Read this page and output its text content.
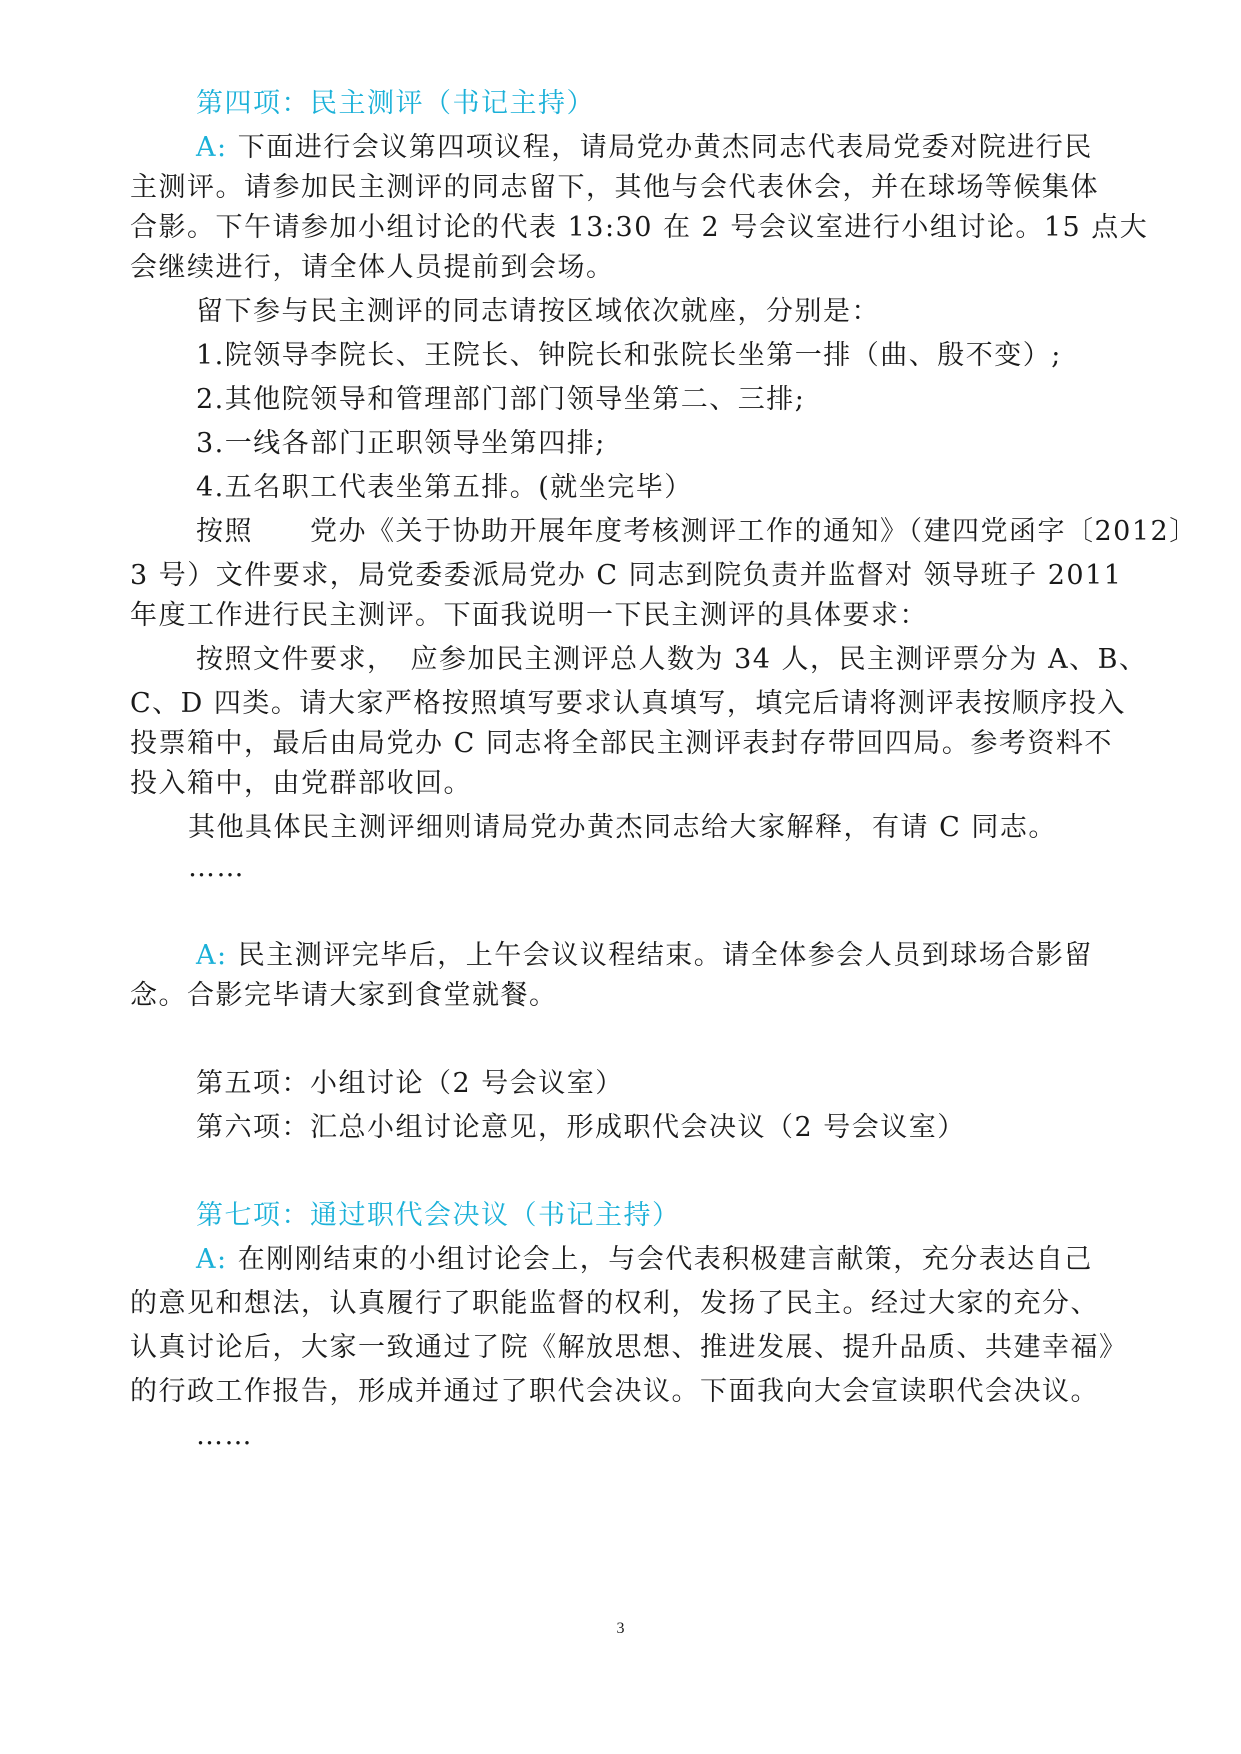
第四项：民主测评（书记主持）
A: 下面进行会议第四项议程，请局党办黄杰同志代表局党委对院进行民
主测评。请参加民主测评的同志留下，其他与会代表休会，并在球场等候集体
合影。下午请参加小组讨论的代表 13:30 在 2 号会议室进行小组讨论。15 点大
会继续进行，请全体人员提前到会场。
留下参与民主测评的同志请按区域依次就座，分别是：
1.院领导李院长、王院长、钟院长和张院长坐第一排（曲、殷不变）;
2.其他院领导和管理部门部门领导坐第二、三排;
3.一线各部门正职领导坐第四排;
4.五名职工代表坐第五排。(就坐完毕）
按照　　党办《关于协助开展年度考核测评工作的通知》（建四党函字〔2012〕
3 号）文件要求，局党委委派局党办 C 同志到院负责并监督对 领导班子 2011
年度工作进行民主测评。下面我说明一下民主测评的具体要求：
按照文件要求，　应参加民主测评总人数为 34 人，民主测评票分为 A、B、
C、D 四类。请大家严格按照填写要求认真填写，填完后请将测评表按顺序投入
投票箱中，最后由局党办 C 同志将全部民主测评表封存带回四局。参考资料不
投入箱中，由党群部收回。
其他具体民主测评细则请局党办黄杰同志给大家解释，有请 C 同志。
……
A: 民主测评完毕后，上午会议议程结束。请全体参会人员到球场合影留
念。合影完毕请大家到食堂就餐。
第五项：小组讨论（2 号会议室）
第六项：汇总小组讨论意见，形成职代会决议（2 号会议室）
第七项：通过职代会决议（书记主持）
A: 在刚刚结束的小组讨论会上，与会代表积极建言献策，充分表达自己
的意见和想法，认真履行了职能监督的权利，发扬了民主。经过大家的充分、
认真讨论后，大家一致通过了院《解放思想、推进发展、提升品质、共建幸福》
的行政工作报告，形成并通过了职代会决议。下面我向大会宣读职代会决议。
……
3
